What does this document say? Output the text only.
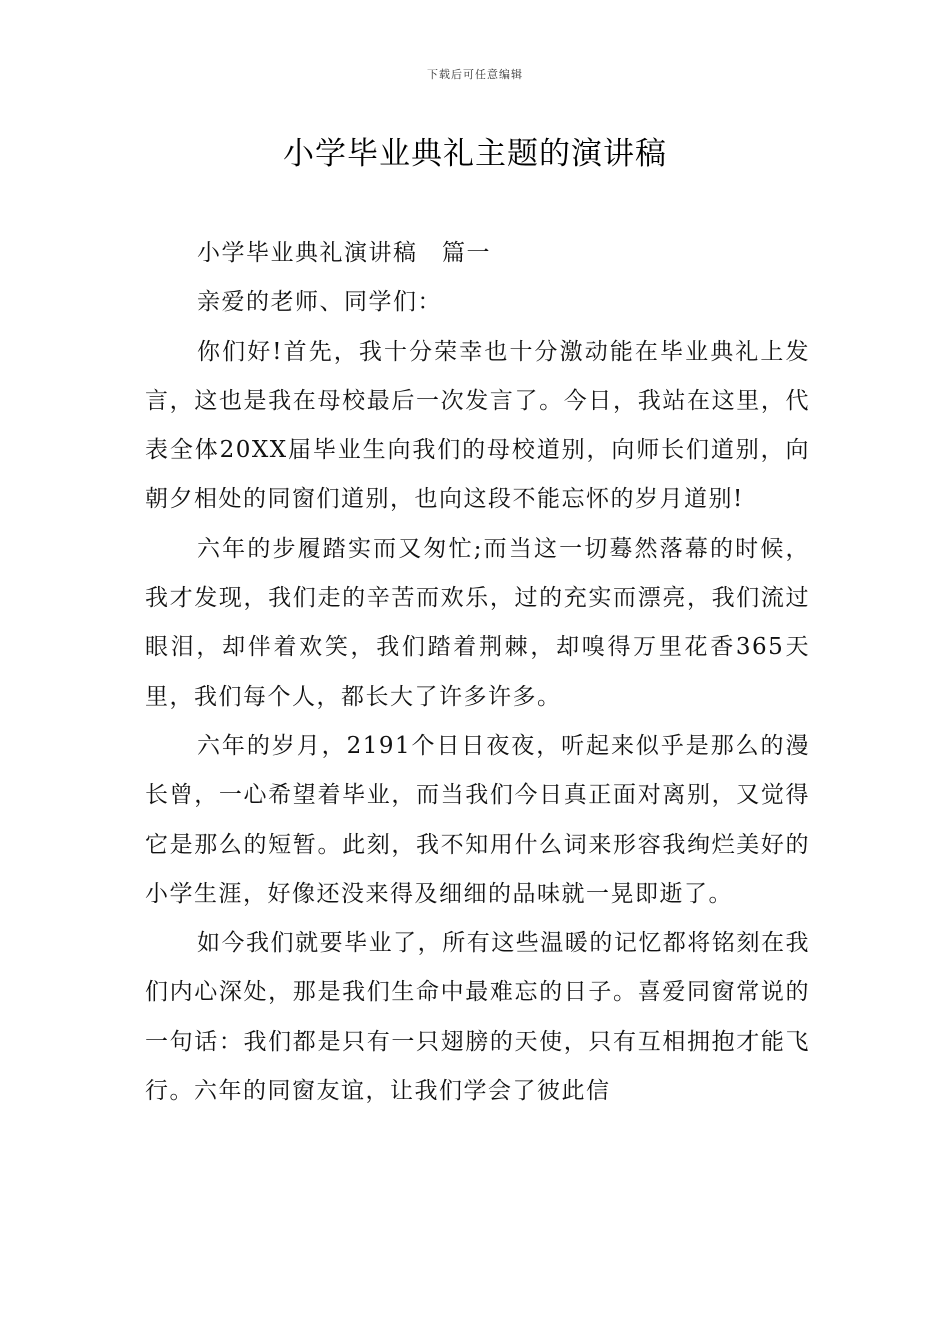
下载后可任意编辑
小学毕业典礼主题的演讲稿

小学毕业典礼演讲稿　篇一

亲爱的老师、同学们：

你们好!首先，我十分荣幸也十分激动能在毕业典礼上发言，这也是我在母校最后一次发言了。今日，我站在这里，代表全体20XX届毕业生向我们的母校道别，向师长们道别，向朝夕相处的同窗们道别，也向这段不能忘怀的岁月道别!

六年的步履踏实而又匆忙;而当这一切蓦然落幕的时候，我才发现，我们走的辛苦而欢乐，过的充实而漂亮，我们流过眼泪，却伴着欢笑，我们踏着荆棘，却嗅得万里花香365天里，我们每个人，都长大了许多许多。

六年的岁月，2191个日日夜夜，听起来似乎是那么的漫长曾，一心希望着毕业，而当我们今日真正面对离别，又觉得它是那么的短暂。此刻，我不知用什么词来形容我绚烂美好的小学生涯，好像还没来得及细细的品味就一晃即逝了。

如今我们就要毕业了，所有这些温暖的记忆都将铭刻在我们内心深处，那是我们生命中最难忘的日子。喜爱同窗常说的一句话：我们都是只有一只翅膀的天使，只有互相拥抱才能飞行。六年的同窗友谊，让我们学会了彼此信
